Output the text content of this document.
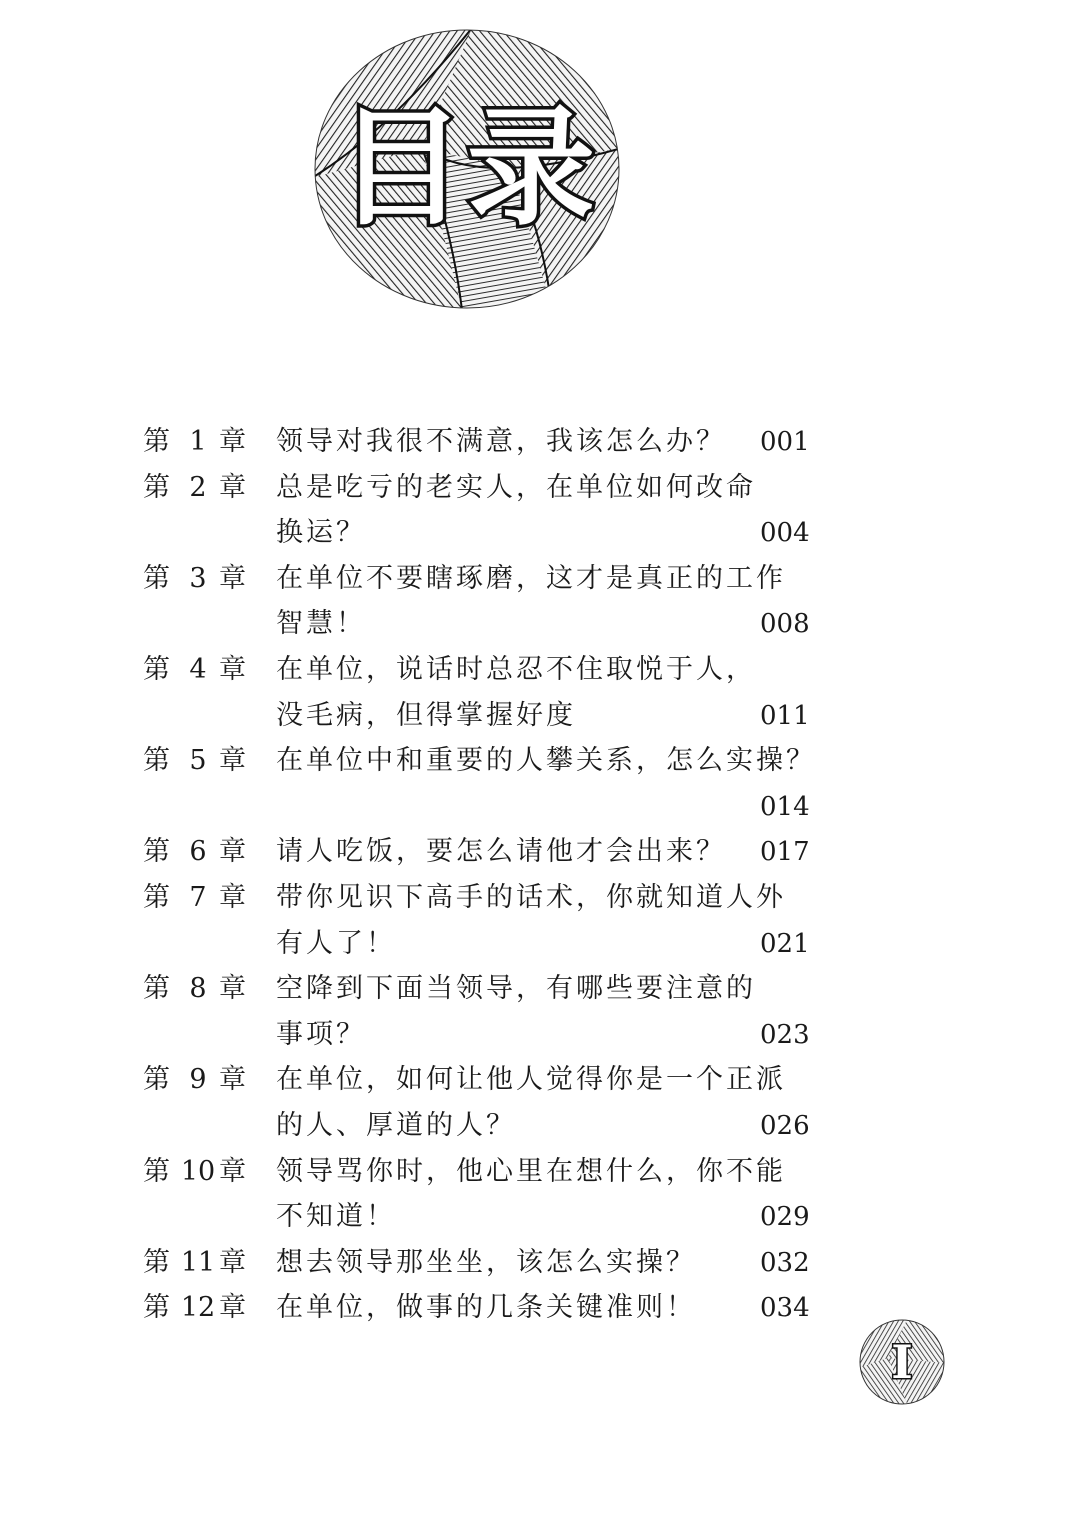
目录
第 1 章 领导对我很不满意，我该怎么办？ 001
第 2 章 总是吃亏的老实人，在单位如何改命
换运？	004
第 3 章 在单位不要瞎琢磨，这才是真正的工作
智慧！	008
第 4 章 在单位，说话时总忍不住取悦于人，
没毛病，但得掌握好度	011
第 5 章 在单位中和重要的人攀关系，怎么实操？
014
第 6 章 请人吃饭，要怎么请他才会出来？ 017
第 7 章 带你见识下高手的话术，你就知道人外
有人了！	021
第 8 章 空降到下面当领导，有哪些要注意的
事项？	023
第 9 章 在单位，如何让他人觉得你是一个正派
的人、厚道的人？	026
第 10 章 领导骂你时，他心里在想什么，你不能
不知道！	029
第 11 章 想去领导那坐坐，该怎么实操？ 032
第 12 章 在单位，做事的几条关键准则！ 034
I
